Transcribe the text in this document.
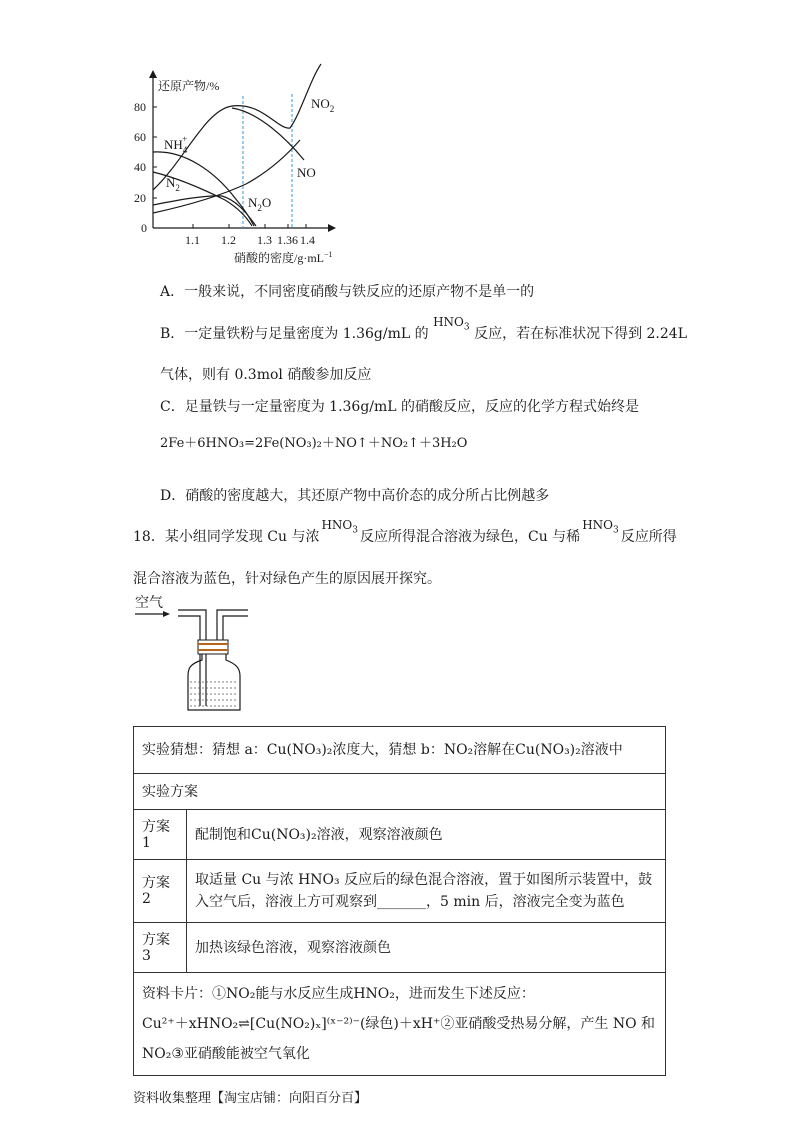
还原产物/%
0
20
40
60
80
1.1 1.2 1.3 1.36 1.4
硝酸的密度$/g\cdot mL^{-1}$
$NO_2$
NO
$NH_4+$
$N_2$
$N_2O$
A．一般来说，不同密度硝酸与铁反应的还原产物不是单一的
B．一定量铁粉与足量密度为 1.36g/mL 的 $HNO_3$ 反应，若在标准状况下得到 2.24L
气体，则有 0.3mol 硝酸参加反应
C．足量铁与一定量密度为 1.36g/mL 的硝酸反应，反应的化学方程式始终是
2Fe＋6HNO₃=2Fe(NO₃)₂＋NO↑＋NO₂↑＋3H₂O
D．硝酸的密度越大，其还原产物中高价态的成分所占比例越多
18．某小组同学发现 Cu 与浓$HNO_3$ 反应所得混合溶液为绿色，Cu 与稀$HNO_3$ 反应所得
混合溶液为蓝色，针对绿色产生的原因展开探究。
空气
实验猜想：猜想 a：Cu(NO₃)₂浓度大，猜想 b：NO₂溶解在Cu(NO₃)₂溶液中	
实验方案	
方案1	配制饱和Cu(NO₃)₂溶液，观察溶液颜色
方案2	取适量 Cu 与浓 HNO₃ 反应后的绿色混合溶液，置于如图所示装置中，鼓入空气后，溶液上方可观察到_______，5 min 后，溶液完全变为蓝色
方案3	加热该绿色溶液，观察溶液颜色

资料卡片：①NO₂能与水反应生成HNO₂，进而发生下述反应：
Cu²⁺＋xHNO₂⇌[Cu(NO₂)ₓ]⁽ˣ⁻²⁾⁻(绿色)＋xH⁺②亚硝酸受热易分解，产生 NO 和
NO₂③亚硝酸能被空气氧化	
资料收集整理【淘宝店铺：向阳百分百】
